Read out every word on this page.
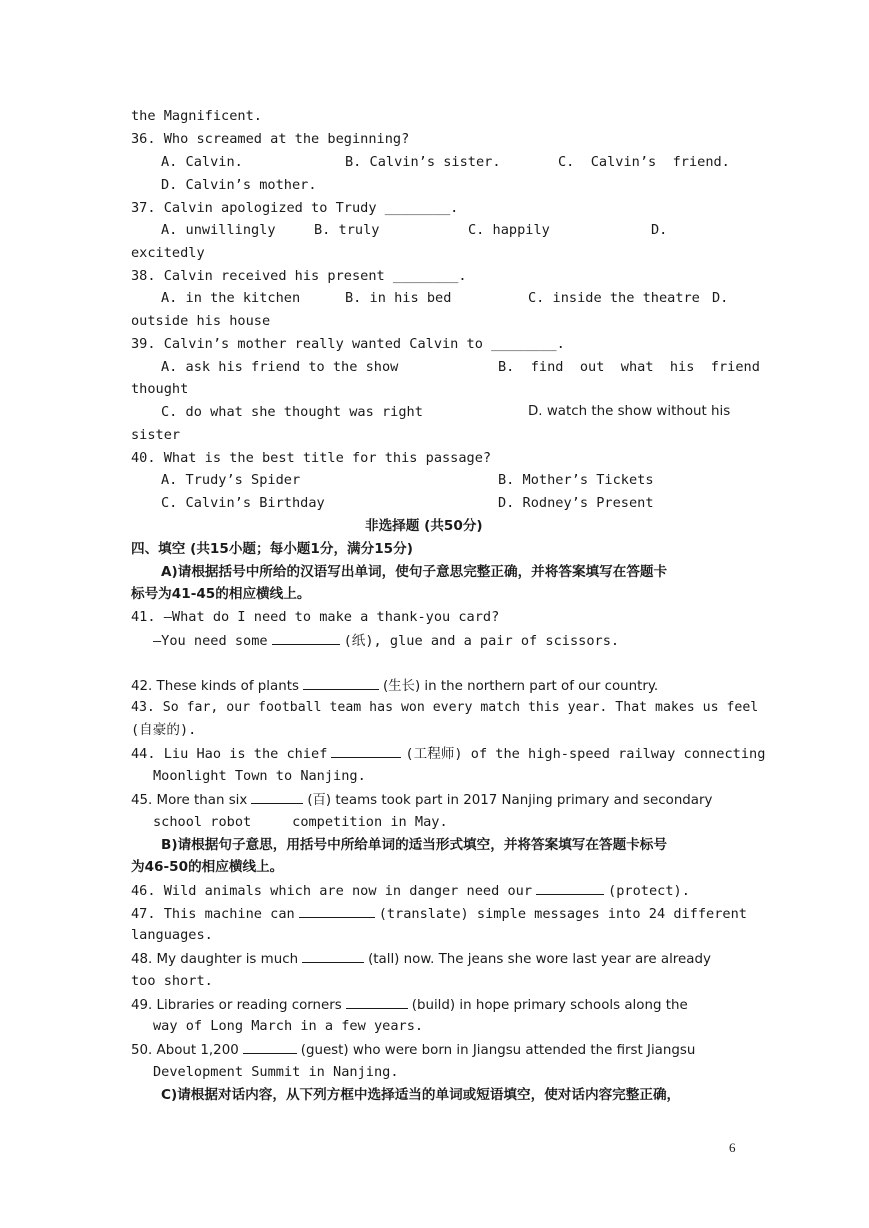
the Magnificent.
36. Who screamed at the beginning?
A. Calvin.	B. Calvin’s sister.	C.  Calvin’s  friend.
D. Calvin’s mother.
37. Calvin apologized to Trudy ________.
A. unwillingly	B. truly	C. happily	D.
excitedly
38. Calvin received his present ________.
A. in the kitchen	B. in his bed	C. inside the theatre D.
outside his house
39. Calvin’s mother really wanted Calvin to ________.
A. ask his friend to the show	B.  find  out  what  his  friend
thought
C. do what she thought was right	D. watch the show without his
sister
40. What is the best title for this passage?
A. Trudy’s Spider	B. Mother’s Tickets
C. Calvin’s Birthday	D. Rodney’s Present
非选择题 (共50分)
四、填空 (共15小题；每小题1分，满分15分)
A)请根据括号中所给的汉语写出单词，使句子意思完整正确，并将答案填写在答题卡
标号为41-45的相应横线上。
41. —What do I need to make a thank-you card?
—You need some	(纸), glue and a pair of scissors.
42. These kinds of plants	(生长) in the northern part of our country.
43. So far, our football team has won every match this year. That makes us feel
(自豪的).
44. Liu Hao is the chief	(工程师) of the high-speed railway connecting
Moonlight Town to Nanjing.
45. More than six	(百) teams took part in 2017 Nanjing primary and secondary
school robot     competition in May.
B)请根据句子意思，用括号中所给单词的适当形式填空，并将答案填写在答题卡标号
为46-50的相应横线上。
46. Wild animals which are now in danger need our	(protect).
47. This machine can	(translate) simple messages into 24 different
languages.
48. My daughter is much	(tall) now. The jeans she wore last year are already
too short.
49. Libraries or reading corners	(build) in hope primary schools along the
way of Long March in a few years.
50. About 1,200	(guest) who were born in Jiangsu attended the first Jiangsu
Development Summit in Nanjing.
C)请根据对话内容，从下列方框中选择适当的单词或短语填空，使对话内容完整正确，
6
